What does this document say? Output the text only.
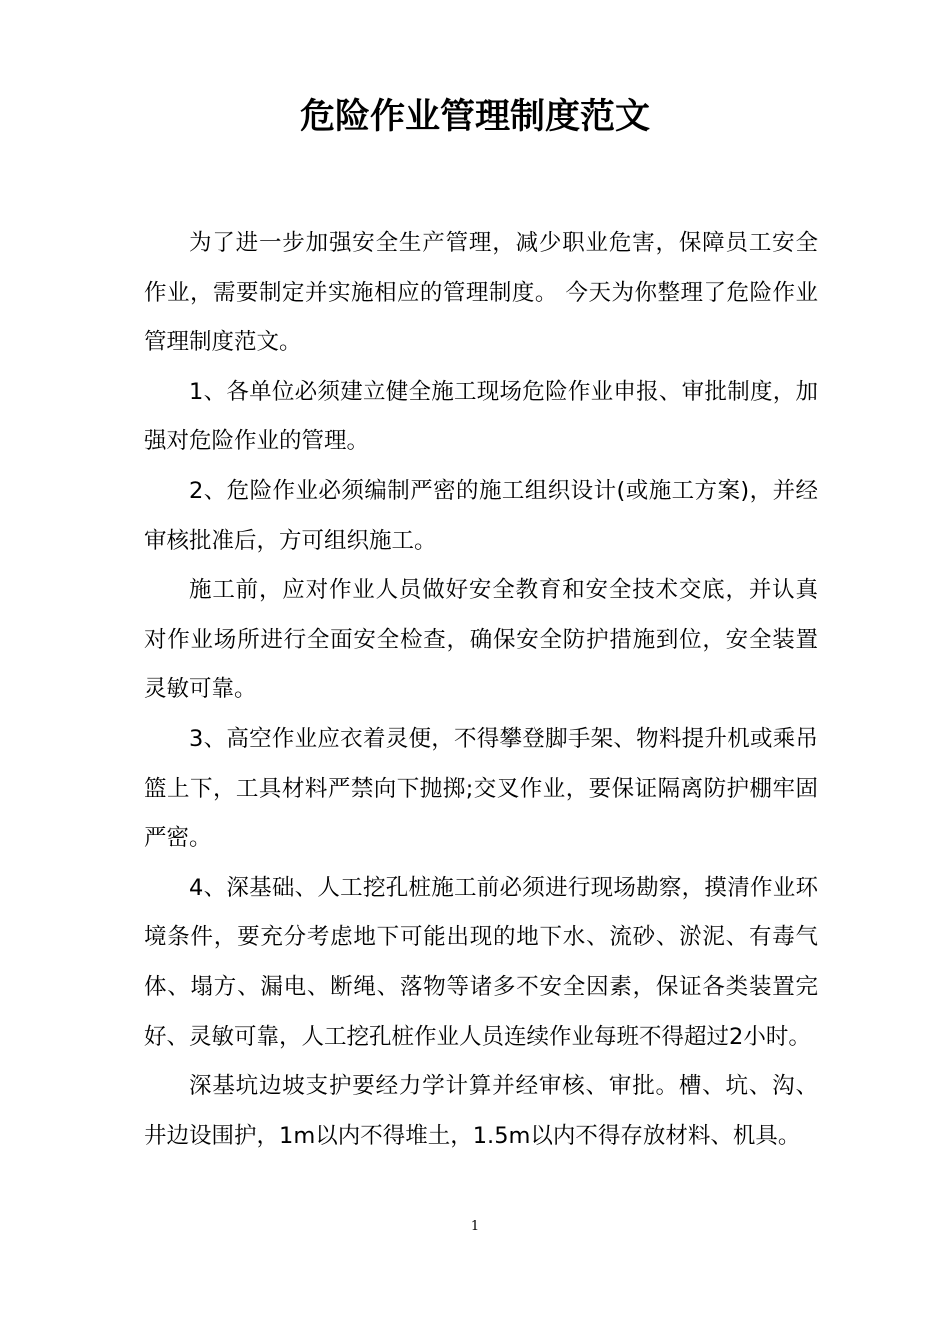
危险作业管理制度范文

为了进一步加强安全生产管理，减少职业危害，保障员工安全作业，需要制定并实施相应的管理制度。 今天为你整理了危险作业管理制度范文。

1、各单位必须建立健全施工现场危险作业申报、审批制度，加强对危险作业的管理。

2、危险作业必须编制严密的施工组织设计(或施工方案)，并经审核批准后，方可组织施工。

施工前，应对作业人员做好安全教育和安全技术交底，并认真对作业场所进行全面安全检查，确保安全防护措施到位，安全装置灵敏可靠。

3、高空作业应衣着灵便，不得攀登脚手架、物料提升机或乘吊篮上下，工具材料严禁向下抛掷;交叉作业，要保证隔离防护棚牢固严密。

4、深基础、人工挖孔桩施工前必须进行现场勘察，摸清作业环境条件，要充分考虑地下可能出现的地下水、流砂、淤泥、有毒气体、塌方、漏电、断绳、落物等诸多不安全因素，保证各类装置完好、灵敏可靠，人工挖孔桩作业人员连续作业每班不得超过2小时。

深基坑边坡支护要经力学计算并经审核、审批。槽、坑、沟、井边设围护，1m以内不得堆土，1.5m以内不得存放材料、机具。

1
